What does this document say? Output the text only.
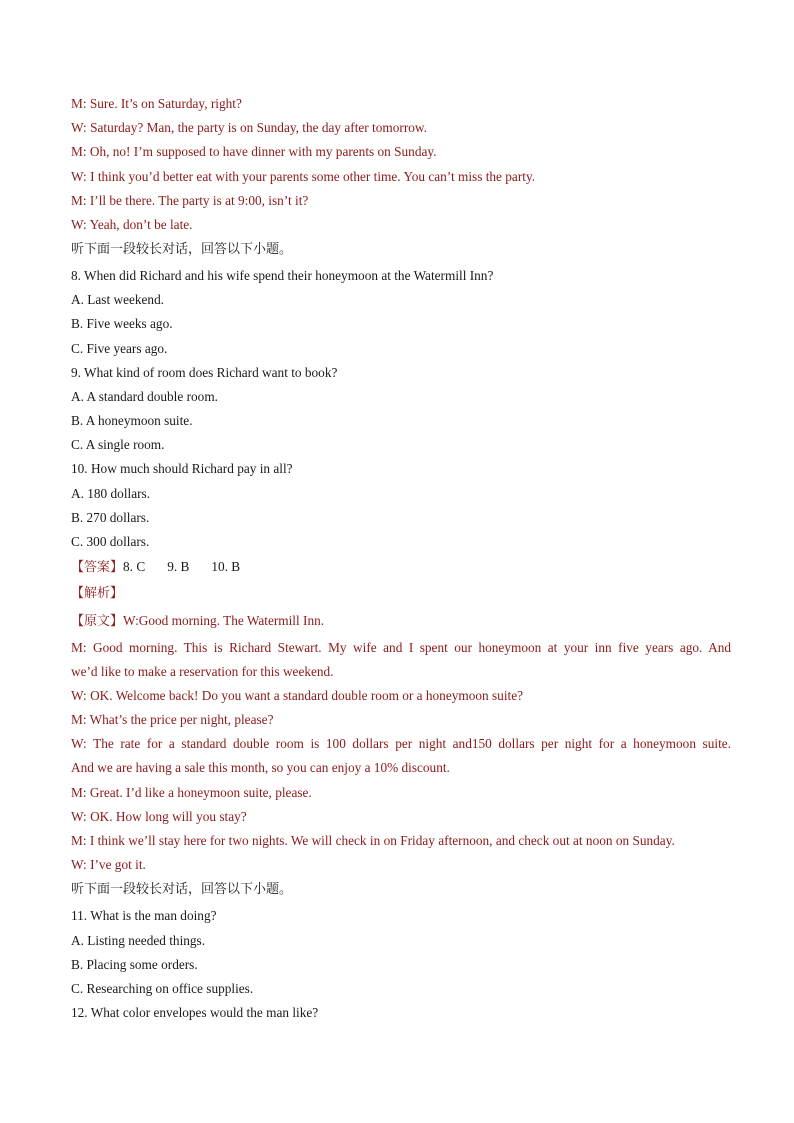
M: Sure. It’s on Saturday, right?
W: Saturday? Man, the party is on Sunday, the day after tomorrow.
M: Oh, no! I’m supposed to have dinner with my parents on Sunday.
W: I think you’d better eat with your parents some other time. You can’t miss the party.
M: I’ll be there. The party is at 9:00, isn’t it?
W: Yeah, don’t be late.
听下面一段较长对话，回答以下小题。
8. When did Richard and his wife spend their honeymoon at the Watermill Inn?
A. Last weekend.
B. Five weeks ago.
C. Five years ago.
9. What kind of room does Richard want to book?
A. A standard double room.
B. A honeymoon suite.
C. A single room.
10. How much should Richard pay in all?
A. 180 dollars.
B. 270 dollars.
C. 300 dollars.
【答案】8. C 9. B 10. B
【解析】
【原文】W:Good morning. The Watermill Inn.
M: Good morning. This is Richard Stewart. My wife and I spent our honeymoon at your inn five years ago. And
we’d like to make a reservation for this weekend.
W: OK. Welcome back! Do you want a standard double room or a honeymoon suite?
M: What’s the price per night, please?
W: The rate for a standard double room is 100 dollars per night and150 dollars per night for a honeymoon suite.
And we are having a sale this month, so you can enjoy a 10% discount.
M: Great. I’d like a honeymoon suite, please.
W: OK. How long will you stay?
M: I think we’ll stay here for two nights. We will check in on Friday afternoon, and check out at noon on Sunday.
W: I’ve got it.
听下面一段较长对话，回答以下小题。
11. What is the man doing?
A. Listing needed things.
B. Placing some orders.
C. Researching on office supplies.
12. What color envelopes would the man like?
